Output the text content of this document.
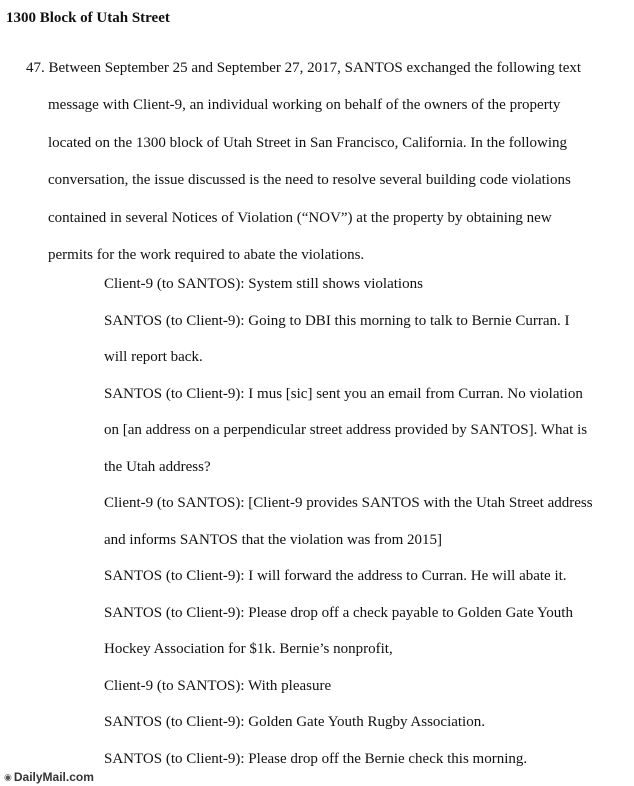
1300 Block of Utah Street
47. Between September 25 and September 27, 2017, SANTOS exchanged the following text
message with Client-9, an individual working on behalf of the owners of the property
located on the 1300 block of Utah Street in San Francisco, California. In the following
conversation, the issue discussed is the need to resolve several building code violations
contained in several Notices of Violation (“NOV”) at the property by obtaining new
permits for the work required to abate the violations.
Client-9 (to SANTOS): System still shows violations
SANTOS (to Client-9): Going to DBI this morning to talk to Bernie Curran. I
will report back.
SANTOS (to Client-9): I mus [sic] sent you an email from Curran. No violation
on [an address on a perpendicular street address provided by SANTOS]. What is
the Utah address?
Client-9 (to SANTOS): [Client-9 provides SANTOS with the Utah Street address
and informs SANTOS that the violation was from 2015]
SANTOS (to Client-9): I will forward the address to Curran. He will abate it.
SANTOS (to Client-9): Please drop off a check payable to Golden Gate Youth
Hockey Association for $1k. Bernie’s nonprofit,
Client-9 (to SANTOS): With pleasure
SANTOS (to Client-9): Golden Gate Youth Rugby Association.
SANTOS (to Client-9): Please drop off the Bernie check this morning.
◉ DailyMail.com
